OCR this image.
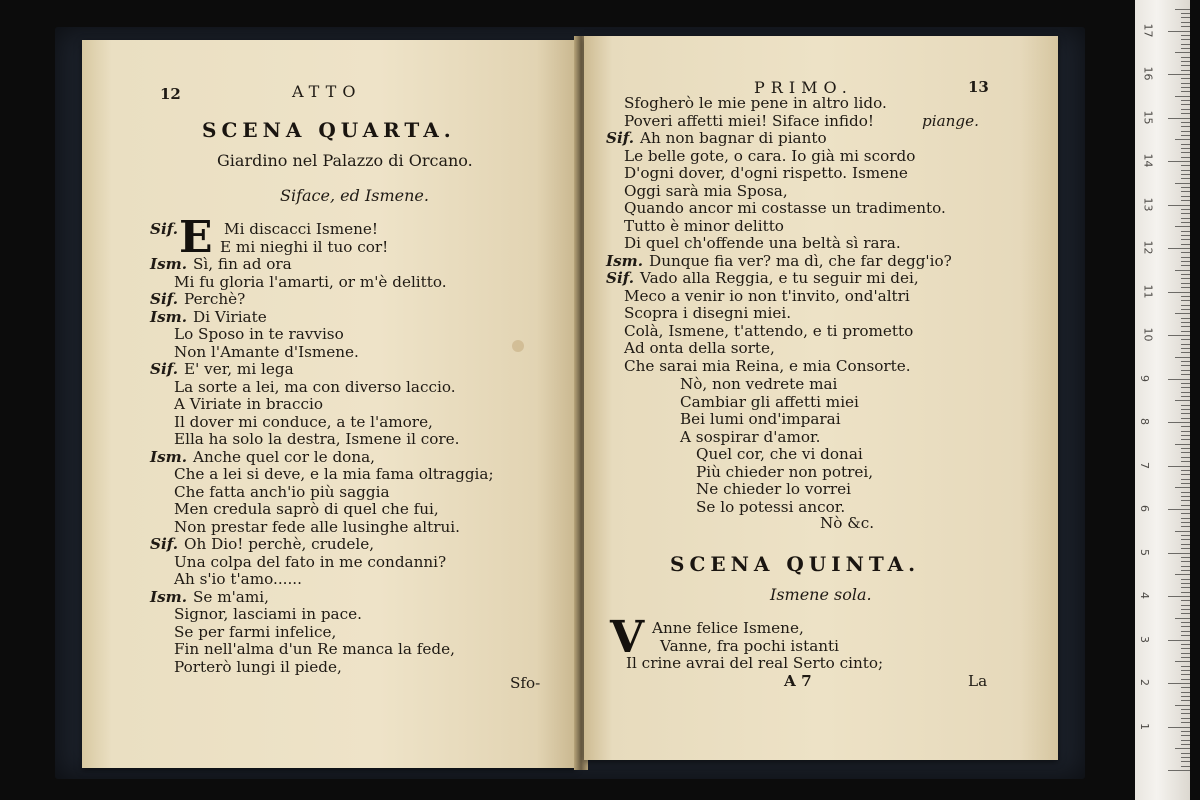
12	ATTO
SCENA QUARTA.
Giardino nel Palazzo di Orcano.
Siface, ed Ismene.
E
Sif.	Mi discacci Ismene!
E mi nieghi il tuo cor!
Ism. Sì, fin ad ora
Mi fu gloria l'amarti, or m'è delitto.
Sif. Perchè?
Ism. Di Viriate
Lo Sposo in te ravviso
Non l'Amante d'Ismene.
Sif. E' ver, mi lega
La sorte a lei, ma con diverso laccio.
A Viriate in braccio
Il dover mi conduce, a te l'amore,
Ella ha solo la destra, Ismene il core.
Ism. Anche quel cor le dona,
Che a lei si deve, e la mia fama oltraggia;
Che fatta anch'io più saggia
Men credula saprò di quel che fui,
Non prestar fede alle lusinghe altrui.
Sif. Oh Dio! perchè, crudele,
Una colpa del fato in me condanni?
Ah s'io t'amo......
Ism. Se m'ami,
Signor, lasciami in pace.
Se per farmi infelice,
Fin nell'alma d'un Re manca la fede,
Porterò lungi il piede,
Sfo-
PRIMO.	13
Sfogherò le mie pene in altro lido.
Poveri affetti miei! Siface infido!
Sif. Ah non bagnar di pianto
Le belle gote, o cara. Io già mi scordo
D'ogni dover, d'ogni rispetto. Ismene
Oggi sarà mia Sposa,
Quando ancor mi costasse un tradimento.
Tutto è minor delitto
Di quel ch'offende una beltà sì rara.
Ism. Dunque fia ver? ma dì, che far degg'io?
Sif. Vado alla Reggia, e tu seguir mi dei,
Meco a venir io non t'invito, ond'altri
Scopra i disegni miei.
Colà, Ismene, t'attendo, e ti prometto
Ad onta della sorte,
Che sarai mia Reina, e mia Consorte.
piange.
Nò, non vedrete mai
Cambiar gli affetti miei
Bei lumi ond'imparai
A sospirar d'amor.
Quel cor, che vi donai
Più chieder non potrei,
Ne chieder lo vorrei
Se lo potessi ancor.
Nò &c.
SCENA QUINTA.
Ismene sola.
V Anne felice Ismene,
Vanne, fra pochi istanti
Il crine avrai del real Serto cinto;
A 7	La
1
2
3
4
5
6
7
8
9
10
11
12
13
14
15
16
17
